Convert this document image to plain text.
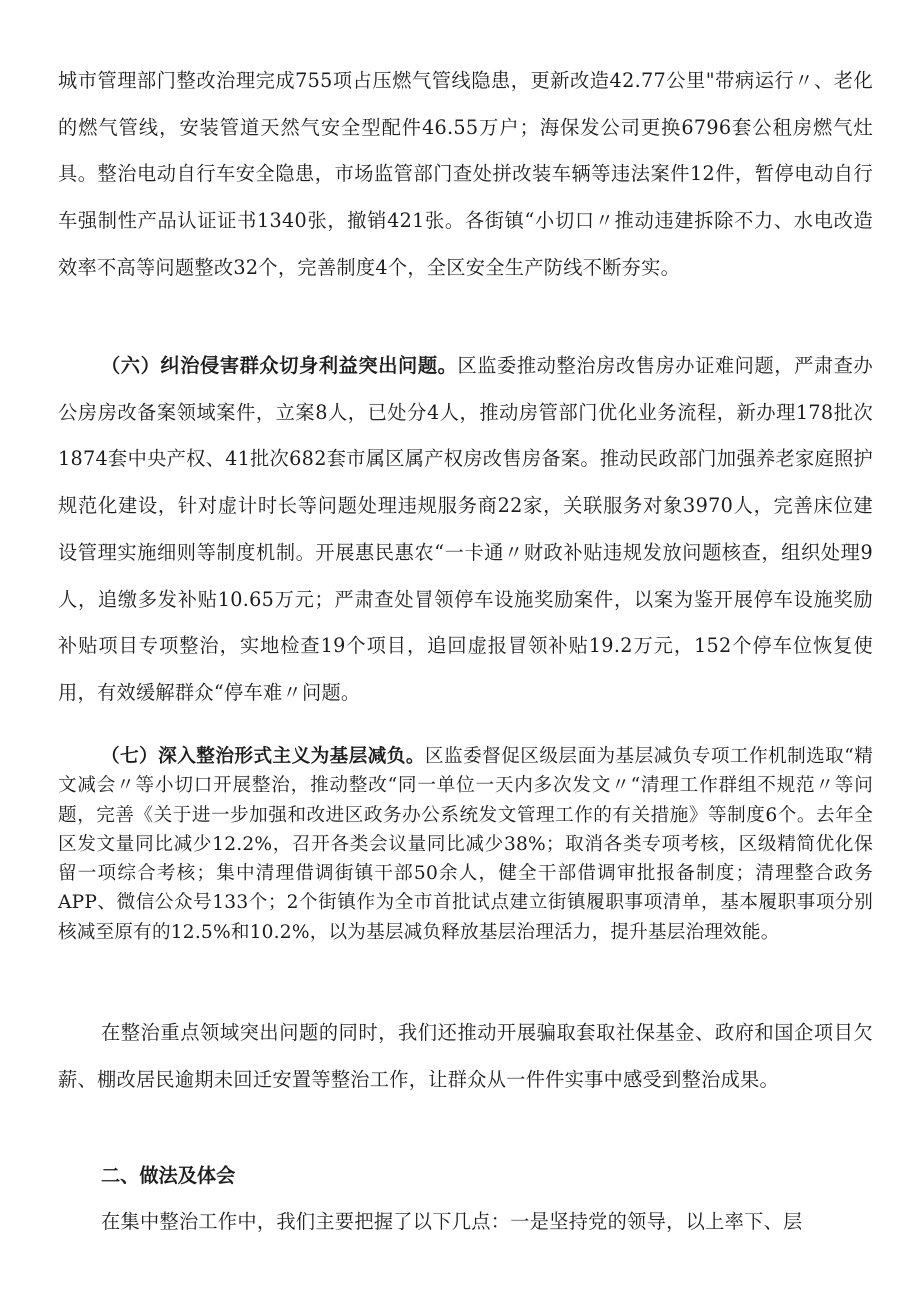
城市管理部门整改治理完成755项占压燃气管线隐患，更新改造42.77公里"带病运行〃、老化的燃气管线，安装管道天然气安全型配件46.55万户；海保发公司更换6796套公租房燃气灶具。整治电动自行车安全隐患，市场监管部门查处拼改装车辆等违法案件12件，暂停电动自行车强制性产品认证证书1340张，撤销421张。各街镇“小切口〃推动违建拆除不力、水电改造效率不高等问题整改32个，完善制度4个，全区安全生产防线不断夯实。

（六）纠治侵害群众切身利益突出问题。区监委推动整治房改售房办证难问题，严肃查办公房房改备案领域案件，立案8人，已处分4人，推动房管部门优化业务流程，新办理178批次1874套中央产权、41批次682套市属区属产权房改售房备案。推动民政部门加强养老家庭照护规范化建设，针对虚计时长等问题处理违规服务商22家，关联服务对象3970人，完善床位建设管理实施细则等制度机制。开展惠民惠农“一卡通〃财政补贴违规发放问题核查，组织处理9人，追缴多发补贴10.65万元；严肃查处冒领停车设施奖励案件，以案为鉴开展停车设施奖励补贴项目专项整治，实地检查19个项目，追回虚报冒领补贴19.2万元，152个停车位恢复使用，有效缓解群众“停车难〃问题。

（七）深入整治形式主义为基层减负。区监委督促区级层面为基层减负专项工作机制选取“精文减会〃等小切口开展整治，推动整改“同一单位一天内多次发文〃“清理工作群组不规范〃等问题，完善《关于进一步加强和改进区政务办公系统发文管理工作的有关措施》等制度6个。去年全区发文量同比减少12.2%，召开各类会议量同比减少38%；取消各类专项考核，区级精简优化保留一项综合考核；集中清理借调街镇干部50余人，健全干部借调审批报备制度；清理整合政务APP、微信公众号133个；2个街镇作为全市首批试点建立街镇履职事项清单，基本履职事项分别核减至原有的12.5%和10.2%，以为基层减负释放基层治理活力，提升基层治理效能。

在整治重点领域突出问题的同时，我们还推动开展骗取套取社保基金、政府和国企项目欠薪、棚改居民逾期未回迁安置等整治工作，让群众从一件件实事中感受到整治成果。

二、做法及体会

在集中整治工作中，我们主要把握了以下几点：一是坚持党的领导，以上率下、层
